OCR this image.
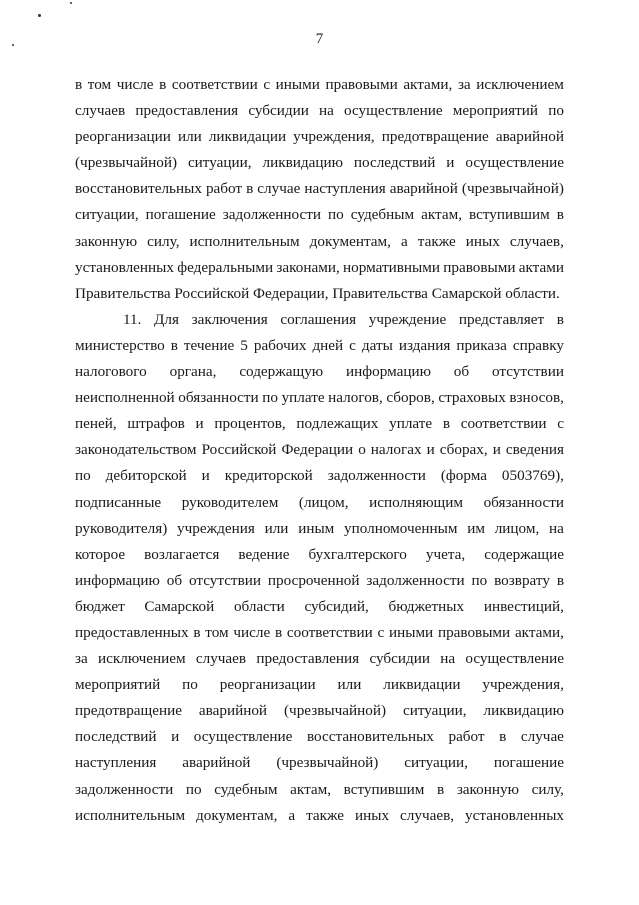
7
в том числе в соответствии с иными правовыми актами, за исключением
случаев предоставления субсидии на осуществление мероприятий по
реорганизации или ликвидации учреждения, предотвращение аварийной
(чрезвычайной) ситуации, ликвидацию последствий и осуществление
восстановительных работ в случае наступления аварийной (чрезвычайной)
ситуации, погашение задолженности по судебным актам, вступившим в
законную силу, исполнительным документам, а также иных случаев,
установленных федеральными законами, нормативными правовыми актами
Правительства Российской Федерации, Правительства Самарской области.
11. Для заключения соглашения учреждение представляет в
министерство в течение 5 рабочих дней с даты издания приказа справку
налогового органа, содержащую информацию об отсутствии
неисполненной обязанности по уплате налогов, сборов, страховых взносов,
пеней, штрафов и процентов, подлежащих уплате в соответствии с
законодательством Российской Федерации о налогах и сборах, и сведения
по дебиторской и кредиторской задолженности (форма 0503769),
подписанные руководителем (лицом, исполняющим обязанности
руководителя) учреждения или иным уполномоченным им лицом, на
которое возлагается ведение бухгалтерского учета, содержащие
информацию об отсутствии просроченной задолженности по возврату в
бюджет Самарской области субсидий, бюджетных инвестиций,
предоставленных в том числе в соответствии с иными правовыми актами,
за исключением случаев предоставления субсидии на осуществление
мероприятий по реорганизации или ликвидации учреждения,
предотвращение аварийной (чрезвычайной) ситуации, ликвидацию
последствий и осуществление восстановительных работ в случае
наступления аварийной (чрезвычайной) ситуации, погашение
задолженности по судебным актам, вступившим в законную силу,
исполнительным документам, а также иных случаев, установленных
